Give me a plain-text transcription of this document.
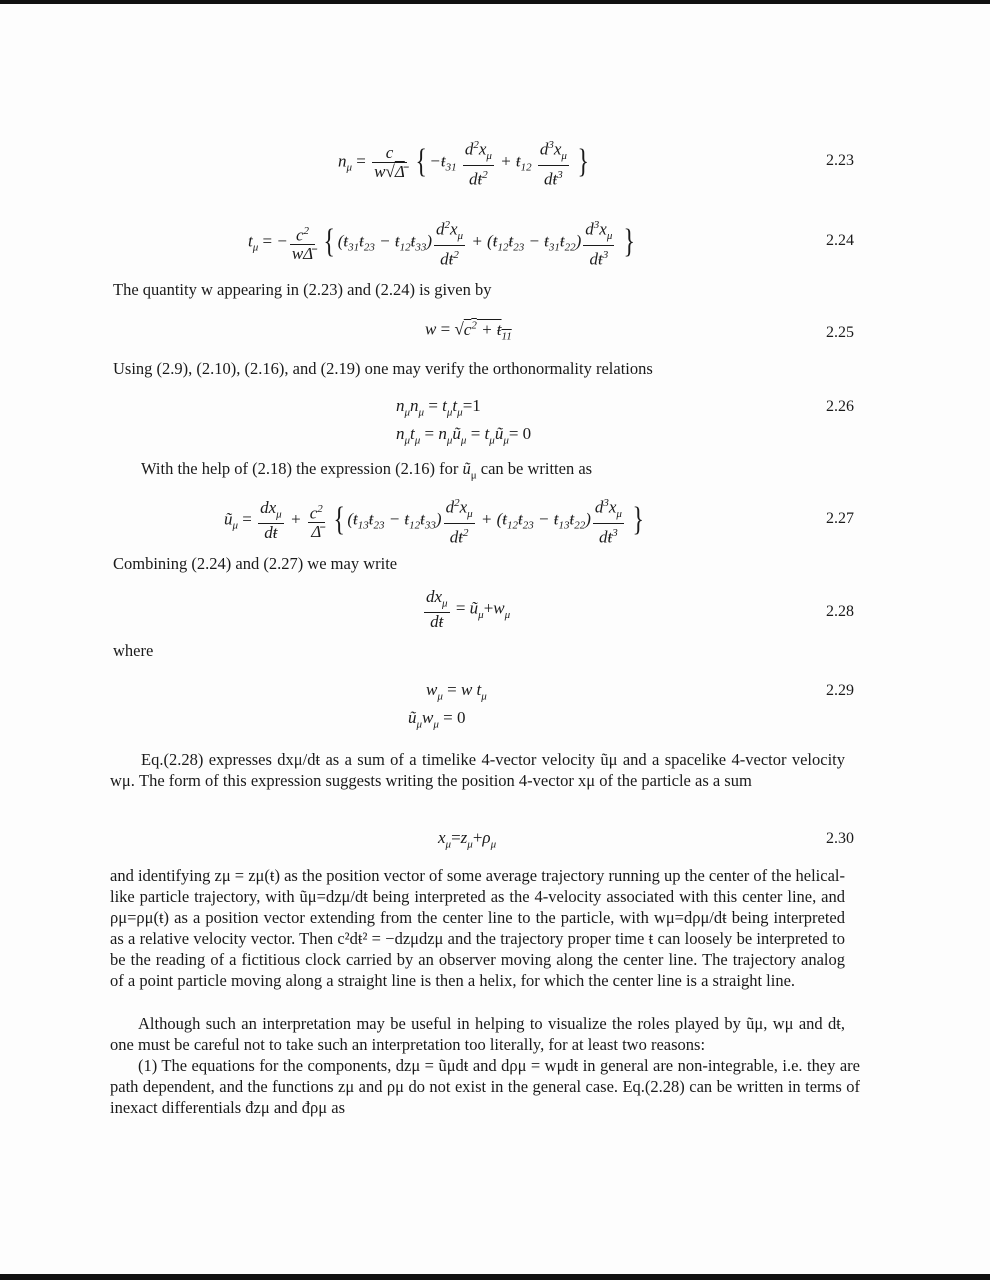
$n_\mu = \frac{c}{w√\Deltā}$ { $-ŧ_{31} \frac{d^2x_\mu}{dŧ^2}$ + $ŧ_{12} \frac{d^3x_\mu}{dŧ^3}$ }	2.23
$t_\mu$ = − $\frac{c^2}{w\Deltā}$ { ($ŧ_{31}ŧ_{23}$ − $ŧ_{12}ŧ_{33}) \frac{d^2x_\mu}{dŧ^2}$ + ($ŧ_{12}ŧ_{23}$ − $ŧ_{31}ŧ_{22}) \frac{d^3x_\mu}{dŧ^3}$ }	2.24
The quantity w appearing in (2.23) and (2.24) is given by
$w = √c^2$ + $ŧ_{11}$	2.25
Using (2.9), (2.10), (2.16), and (2.19) one may verify the orthonormality relations
$n_\mu n_\mu = t_\mu t_\mu=1$
$n_\mu t_\mu$ = $n_\mu ũ_\mu$ = $t_\mu ũ_\mu= 0$
2.26
With the help of (2.18) the expression (2.16) for $ũ_\mu$ can be written as
$ũ_\mu = \frac{dx_\mu}{dŧ} + \frac{c^2}{\Deltā}$ { ($ŧ_{13}ŧ_{23}$ − $ŧ_{12}ŧ_{33}) \frac{d^2x_\mu}{dŧ^2}$ + ($ŧ_{12}ŧ_{23}$ − $ŧ_{13}ŧ_{22}) \frac{d^3x_\mu}{dŧ^3}$ }	2.27
Combining (2.24) and (2.27) we may write
$\frac{dx_\mu}{dŧ}$ = $ũ_\mu+w_\mu$	2.28
where
$w_\mu = w$ $t_\mu$
$ũ_\mu w_\mu = 0$
2.29
Eq.(2.28) expresses dxμ/dŧ as a sum of a timelike 4-vector velocity ũμ and a spacelike 4-vector velocity wμ. The form of this expression suggests writing the position 4-vector xμ of the particle as a sum
$x_\mu=z_\mu+\rho_\mu$	2.30
and identifying zμ = zμ(ŧ) as the position vector of some average trajectory running up the center of the helical-like particle trajectory, with ũμ=dzμ/dŧ being interpreted as the 4-velocity associated with this center line, and ρμ=ρμ(ŧ) as a position vector extending from the center line to the particle, with wμ=dρμ/dŧ being interpreted as a relative velocity vector. Then c²dŧ² = −dzμdzμ and the trajectory proper time ŧ can loosely be interpreted to be the reading of a fictitious clock carried by an observer moving along the center line. The trajectory analog of a point particle moving along a straight line is then a helix, for which the center line is a straight line.
Although such an interpretation may be useful in helping to visualize the roles played by ũμ, wμ and dŧ, one must be careful not to take such an interpretation too literally, for at least two reasons:
(1) The equations for the components, dzμ = ũμdŧ and dρμ = wμdŧ in general are non-integrable, i.e. they are path dependent, and the functions zμ and ρμ do not exist in the general case. Eq.(2.28) can be written in terms of inexact differentials đzμ and đρμ as
